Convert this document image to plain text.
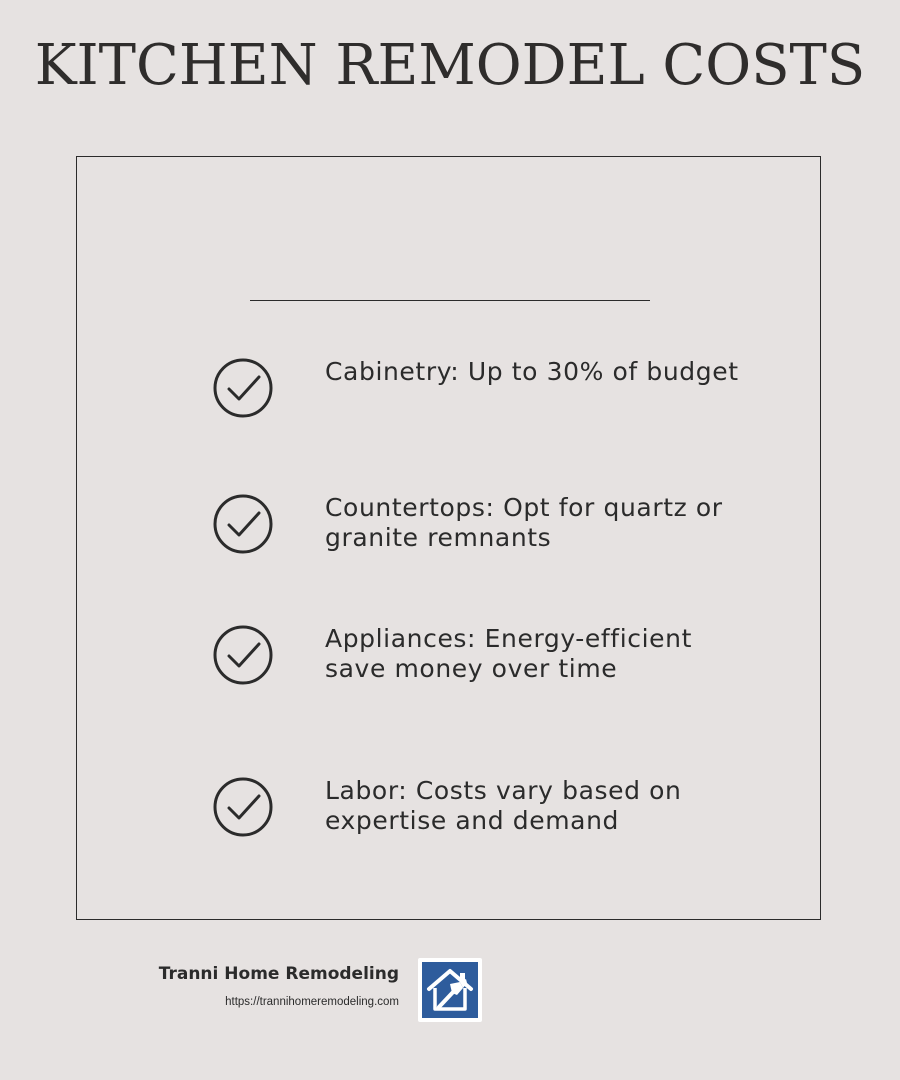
KITCHEN REMODEL COSTS
Cabinetry: Up to 30% of budget
Countertops: Opt for quartz or granite remnants
Appliances: Energy-efficient save money over time
Labor: Costs vary based on expertise and demand
Tranni Home Remodeling
https://trannihomeremodeling.com
